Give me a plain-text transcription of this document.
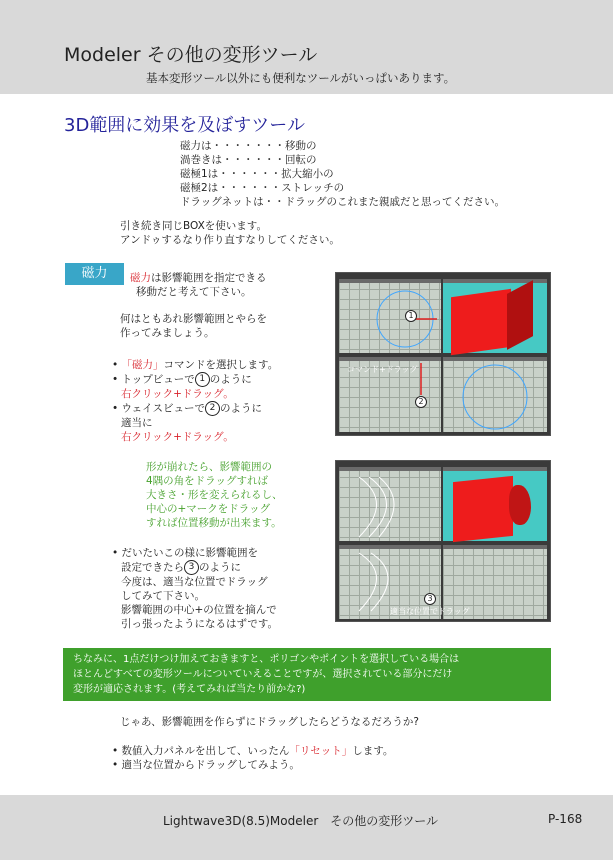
Modeler その他の変形ツール
基本変形ツール以外にも便利なツールがいっぱいあります。
3D範囲に効果を及ぼすツール
磁力は・・・・・・・移動の
渦巻きは・・・・・・回転の
磁極1は・・・・・・拡大縮小の
磁極2は・・・・・・ストレッチの
ドラッグネットは・・ドラッグのこれまた親戚だと思ってください。
引き続き同じBOXを使います。
アンドゥするなり作り直すなりしてください。
磁力	磁力は影響範囲を指定できる
移動だと考えて下さい。
何はともあれ影響範囲とやらを
作ってみましょう。
• 「磁力」コマンドを選択します。
• トップビューで 1 のように
右クリック+ドラッグ。
• ウェイスビューで 2 のように
適当に
右クリック+ドラッグ。
形が崩れたら、影響範囲の
4隅の角をドラッグすれば
大きさ・形を変えられるし、
中心の+マークをドラッグ
すれば位置移動が出来ます。
• だいたいこの様に影響範囲を
設定できたら 3 のように
今度は、適当な位置でドラッグ
してみて下さい。
影響範囲の中心+の位置を摘んで
引っ張ったようになるはずです。
1
コマンド+ドラッグ
2
3
適当な位置でドラッグ
ちなみに、1点だけつけ加えておきますと、ポリゴンやポイントを選択している場合は
ほとんどすべての変形ツールについていえることですが、選択されている部分にだけ
変形が適応されます。(考えてみれば当たり前かな?)
じゃあ、影響範囲を作らずにドラッグしたらどうなるだろうか?
• 数値入力パネルを出して、いったん「リセット」します。
• 適当な位置からドラッグしてみよう。
Lightwave3D(8.5)Modeler　その他の変形ツール	P-168
